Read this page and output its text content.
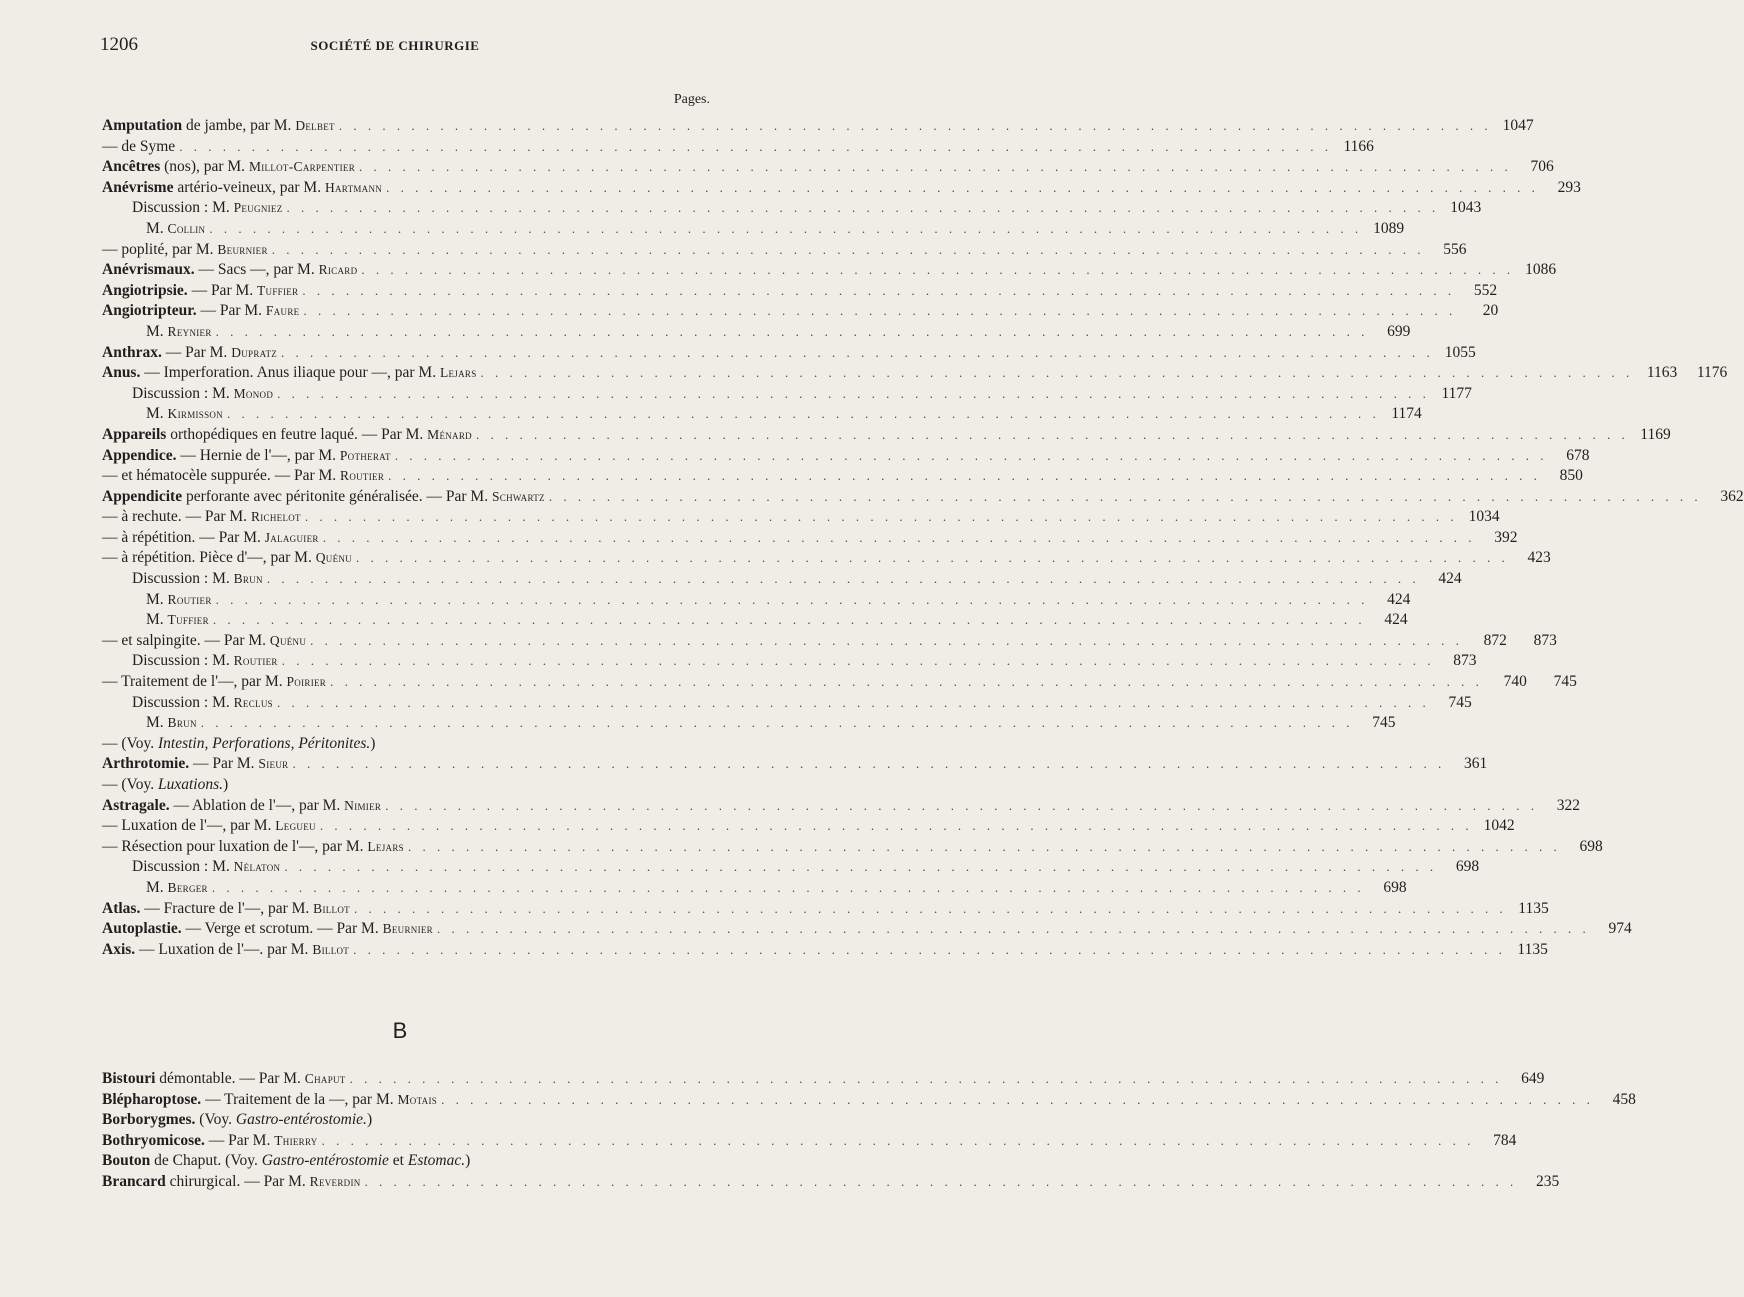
1206	SOCIÉTÉ DE CHIRURGIE
Pages.
Amputation de jambe, par M. Delbet . . .	1047
— de Syme . . .	1166
Ancêtres (nos), par M. Millot-Carpentier . . .	706
Anévrisme artério-veineux, par M. Hartmann . . .	293
Discussion : M. Peugniez . . .	1043
M. Collin . . .	1089
— poplité, par M. Beurnier . . .	556
Anévrismaux. — Sacs —, par M. Ricard . . .	1086
Angiotripsie. — Par M. Tuffier . . .	552
Angiotripteur. — Par M. Faure . . .	20
M. Reynier . . .	699
Anthrax. — Par M. Dupratz . . .	1055
Anus. — Imperforation. Anus iliaque pour —, par M. Lejars . . .	1163	1176
Discussion : M. Monod . . .	1177
M. Kirmisson . . .	1174
Appareils orthopédiques en feutre laqué. — Par M. Ménard . . .	1169
Appendice. — Hernie de l'—, par M. Potherat . . .	678
— et hématocèle suppurée. — Par M. Routier . . .	850
Appendicite perforante avec péritonite généralisée. — Par M. Schwartz . . .	362
— à rechute. — Par M. Richelot . . .	1034
— à répétition. — Par M. Jalaguier . . .	392
— à répétition. Pièce d'—, par M. Quénu . . .	423
Discussion : M. Brun . . .	424
M. Routier . . .	424
M. Tuffier . . .	424
— et salpingite. — Par M. Quénu . . .	872	873
Discussion : M. Routier . . .	873
— Traitement de l'—, par M. Poirier . . .	740	745
Discussion : M. Reclus . . .	745
M. Brun . . .	745
— (Voy. Intestin, Perforations, Péritonites.)
Arthrotomie. — Par M. Sieur . . .	361
— (Voy. Luxations.)
Astragale. — Ablation de l'—, par M. Nimier . . .	322
— Luxation de l'—, par M. Legueu . . .	1042
— Résection pour luxation de l'—, par M. Lejars . . .	698
Discussion : M. Nélaton . . .	698
M. Berger . . .	698
Atlas. — Fracture de l'—, par M. Billot . . .	1135
Autoplastie. — Verge et scrotum. — Par M. Beurnier . . .	974
Axis. — Luxation de l'—. par M. Billot . . .	1135
B
Bistouri démontable. — Par M. Chaput . . .	649
Blépharoptose. — Traitement de la —, par M. Motais . . .	458
Borborygmes. (Voy. Gastro-entérostomie.)
Bothryomicose. — Par M. Thierry . . .	784
Bouton de Chaput. (Voy. Gastro-entérostomie et Estomac.)
Brancard chirurgical. — Par M. Reverdin . . .	235
